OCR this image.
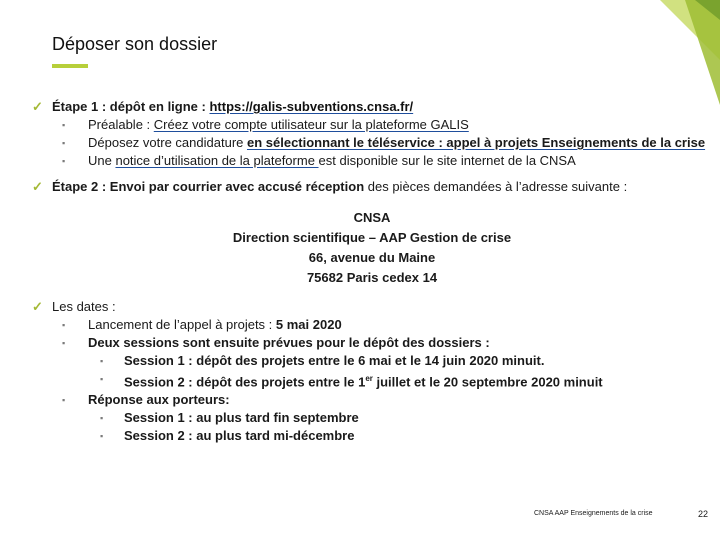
Déposer son dossier
✓ Étape 1 : dépôt en ligne : https://galis-subventions.cnsa.fr/
▪ Préalable : Créez votre compte utilisateur sur la plateforme GALIS
▪ Déposez votre candidature en sélectionnant le téléservice : appel à projets Enseignements de la crise
▪ Une notice d’utilisation de la plateforme est disponible sur le site internet de la CNSA
✓ Étape 2 : Envoi par courrier avec accusé réception des pièces demandées à l’adresse suivante :
CNSA
Direction scientifique – AAP Gestion de crise
66, avenue du Maine
75682 Paris cedex 14
✓ Les dates :
▪ Lancement de l’appel à projets : 5 mai 2020
▪ Deux sessions sont ensuite prévues pour le dépôt des dossiers :
▪ Session 1 : dépôt des projets entre le 6 mai et le 14 juin 2020 minuit.
▪ Session 2 : dépôt des projets entre le 1er juillet et le 20 septembre 2020 minuit
▪ Réponse aux porteurs:
▪ Session 1 : au plus tard fin septembre
▪ Session 2 : au plus tard mi-décembre
CNSA AAP Enseignements de la crise	22
